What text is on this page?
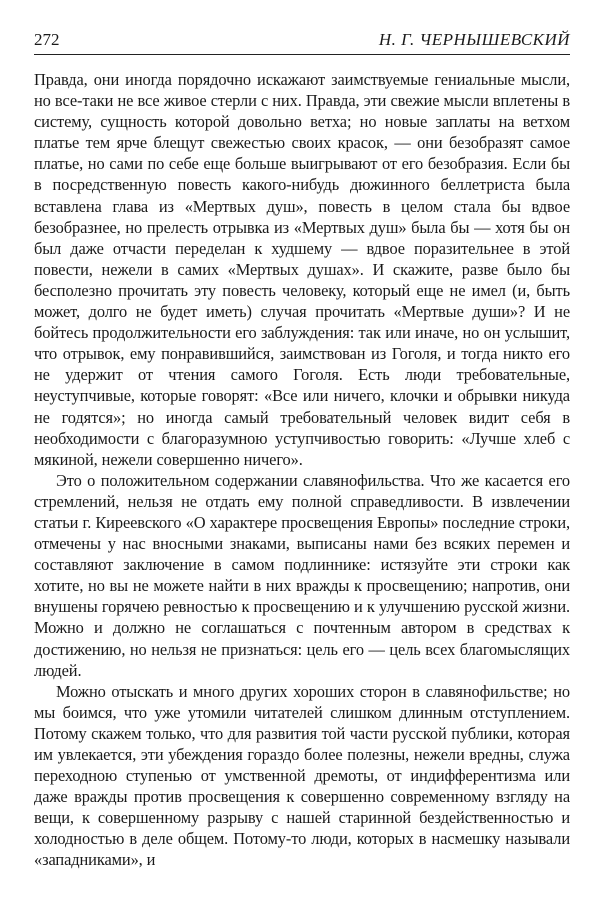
272	Н. Г. ЧЕРНЫШЕВСКИЙ

Правда, они иногда порядочно искажают заимствуемые гениальные мысли, но все-таки не все живое стерли с них. Правда, эти свежие мысли вплетены в систему, сущность которой довольно ветха; но новые заплаты на ветхом платье тем ярче блещут свежестью своих красок, — они безобразят самое платье, но сами по себе еще больше выигрывают от его безобразия. Если бы в посредственную повесть какого-нибудь дюжинного беллетриста была вставлена глава из «Мертвых душ», повесть в целом стала бы вдвое безобразнее, но прелесть отрывка из «Мертвых душ» была бы — хотя бы он был даже отчасти переделан к худшему — вдвое поразительнее в этой повести, нежели в самих «Мертвых душах». И скажите, разве было бы бесполезно прочитать эту повесть человеку, который еще не имел (и, быть может, долго не будет иметь) случая прочитать «Мертвые души»? И не бойтесь продолжительности его заблуждения: так или иначе, но он услышит, что отрывок, ему понравившийся, заимствован из Гоголя, и тогда никто его не удержит от чтения самого Гоголя. Есть люди требовательные, неуступчивые, которые говорят: «Все или ничего, клочки и обрывки никуда не годятся»; но иногда самый требовательный человек видит себя в необходимости с благоразумною уступчивостью говорить: «Лучше хлеб с мякиной, нежели совершенно ничего».

Это о положительном содержании славянофильства. Что же касается его стремлений, нельзя не отдать ему полной справедливости. В извлечении статьи г. Киреевского «О характере просвещения Европы» последние строки, отмечены у нас вносными знаками, выписаны нами без всяких перемен и составляют заключение в самом подлиннике: истязуйте эти строки как хотите, но вы не можете найти в них вражды к просвещению; напротив, они внушены горячею ревностью к просвещению и к улучшению русской жизни. Можно и должно не соглашаться с почтенным автором в средствах к достижению, но нельзя не признаться: цель его — цель всех благомыслящих людей.

Можно отыскать и много других хороших сторон в славянофильстве; но мы боимся, что уже утомили читателей слишком длинным отступлением. Потому скажем только, что для развития той части русской публики, которая им увлекается, эти убеждения гораздо более полезны, нежели вредны, служа переходною ступенью от умственной дремоты, от индифферентизма или даже вражды против просвещения к совершенно современному взгляду на вещи, к совершенному разрыву с нашей старинной бездейственностью и холодностью в деле общем. Потому-то люди, которых в насмешку называли «западниками», и
